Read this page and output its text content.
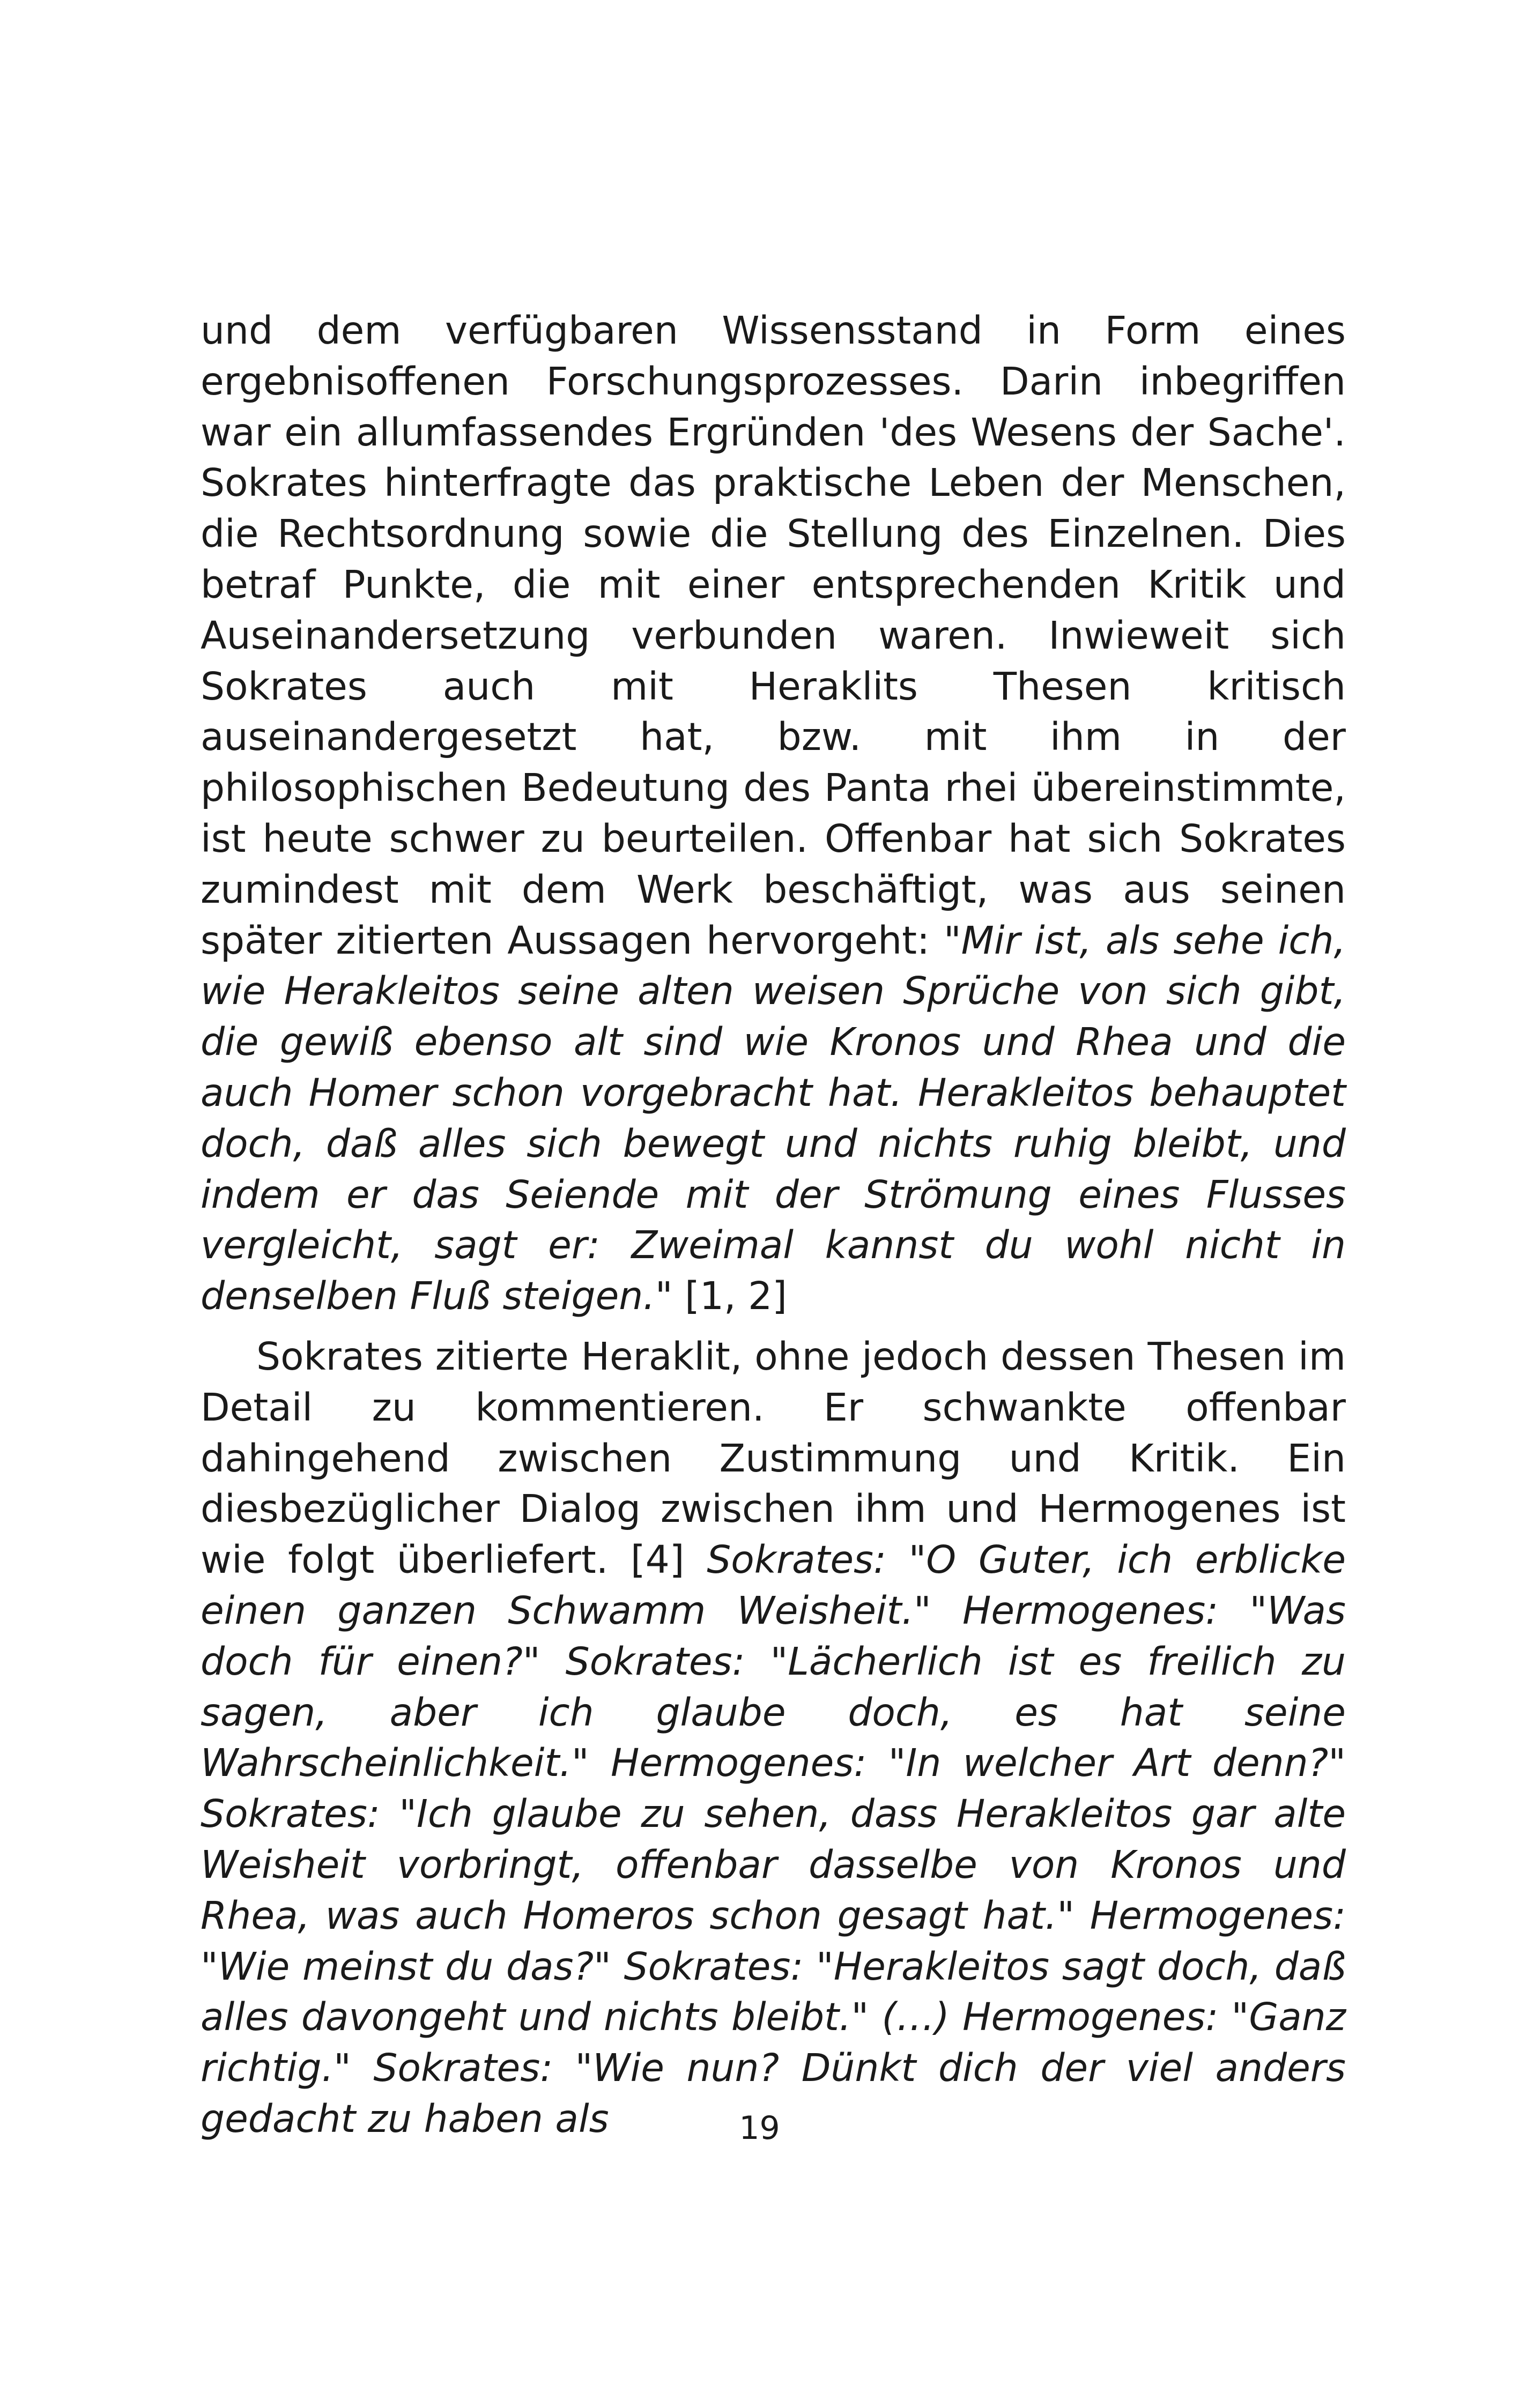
und dem verfügbaren Wissensstand in Form eines ergebnisoffenen Forschungsprozesses. Darin inbegriffen war ein allumfassendes Ergründen 'des Wesens der Sache'. Sokrates hinterfragte das praktische Leben der Menschen, die Rechtsordnung sowie die Stellung des Einzelnen. Dies betraf Punkte, die mit einer entsprechenden Kritik und Auseinandersetzung verbunden waren. Inwieweit sich Sokrates auch mit Heraklits Thesen kritisch auseinandergesetzt hat, bzw. mit ihm in der philosophischen Bedeutung des Panta rhei übereinstimmte, ist heute schwer zu beurteilen. Offenbar hat sich Sokrates zumindest mit dem Werk beschäftigt, was aus seinen später zitierten Aussagen hervorgeht: "Mir ist, als sehe ich, wie Herakleitos seine alten weisen Sprüche von sich gibt, die gewiß ebenso alt sind wie Kronos und Rhea und die auch Homer schon vorgebracht hat. Herakleitos behauptet doch, daß alles sich bewegt und nichts ruhig bleibt, und indem er das Seiende mit der Strömung eines Flusses vergleicht, sagt er: Zweimal kannst du wohl nicht in denselben Fluß steigen." [1, 2]

Sokrates zitierte Heraklit, ohne jedoch dessen Thesen im Detail zu kommentieren. Er schwankte offenbar dahingehend zwischen Zustimmung und Kritik. Ein diesbezüglicher Dialog zwischen ihm und Hermogenes ist wie folgt überliefert. [4] Sokrates: "O Guter, ich erblicke einen ganzen Schwamm Weisheit." Hermogenes: "Was doch für einen?" Sokrates: "Lächerlich ist es freilich zu sagen, aber ich glaube doch, es hat seine Wahrscheinlichkeit." Hermogenes: "In welcher Art denn?" Sokrates: "Ich glaube zu sehen, dass Herakleitos gar alte Weisheit vorbringt, offenbar dasselbe von Kronos und Rhea, was auch Homeros schon gesagt hat." Hermogenes: "Wie meinst du das?" Sokrates: "Herakleitos sagt doch, daß alles davongeht und nichts bleibt." (…) Hermogenes: "Ganz richtig." Sokrates: "Wie nun? Dünkt dich der viel anders gedacht zu haben als	19
